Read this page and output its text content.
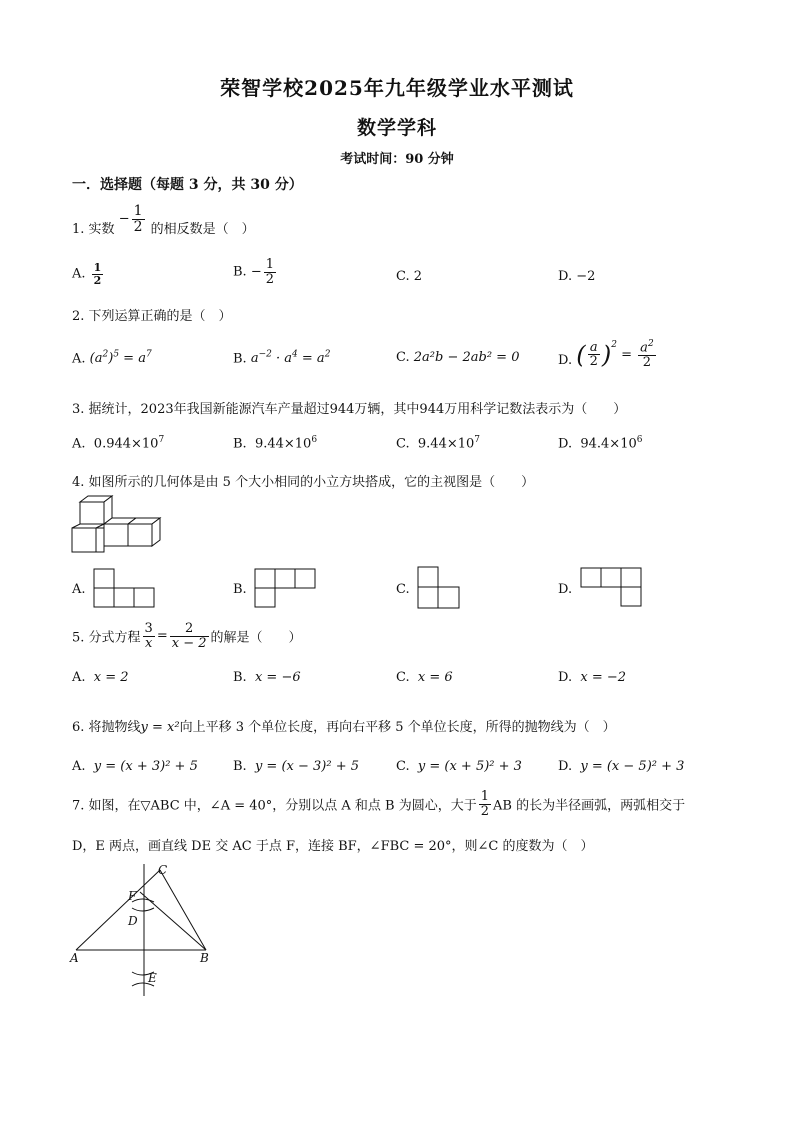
荣智学校2025年九年级学业水平测试
数学学科
考试时间：90 分钟
一．选择题（每题 3 分，共 30 分）
1. 实数 − $\frac{1}{2}$ 的相反数是（　）
A. $\frac{1}{2}$	B. − $\frac{1}{2}$	C. 2	D. −2
2. 下列运算正确的是（　）
A. $(a^2)^5 = a^7$	B. $a^{-2} \cdot a^4 = a^2$	C. 2a²b − 2ab² = 0	D. ( $\frac{a}{2} )^2 = \frac{a^2}{2}$
3. 据统计，2023年我国新能源汽车产量超过944万辆，其中944万用科学记数法表示为（　　）
A. $0.944\times 10^7$	B. $9.44\times 10^6$	C. $9.44\times 10^7$	D. $94.4\times 10^6$
4. 如图所示的几何体是由 5 个大小相同的小立方块搭成，它的主视图是（　　）
A.	B.	C.	D.
5. 分式方程 $\frac{3}{x} = \frac{2}{x - 2}$ 的解是（　　）
A. x = 2	B. x = −6	C. x = 6	D. x = −2
6. 将抛物线y = x²向上平移 3 个单位长度，再向右平移 5 个单位长度，所得的抛物线为（　）
A. y = (x + 3)² + 5	B. y = (x − 3)² + 5	C. y = (x + 5)² + 3	D. y = (x − 5)² + 3
7. 如图，在▽ABC 中，∠A = 40°，分别以点 A 和点 B 为圆心，大于 $\frac{1}{2}$ AB 的长为半径画弧，两弧相交于
D，E 两点，画直线 DE 交 AC 于点 F，连接 BF，∠FBC = 20°，则∠C 的度数为（　）
C
F
D
A	B
E
